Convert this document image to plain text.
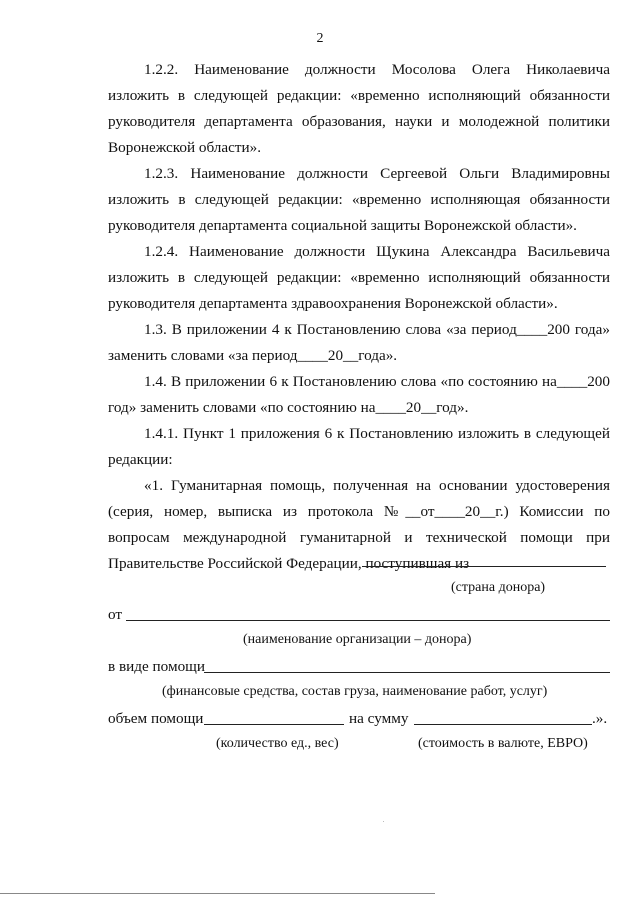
2

1.2.2. Наименование должности Мосолова Олега Николаевича изложить в следующей редакции: «временно исполняющий обязанности руководителя департамента образования, науки и молодежной политики Воронежской области».

1.2.3. Наименование должности Сергеевой Ольги Владимировны изложить в следующей редакции: «временно исполняющая обязанности руководителя департамента социальной защиты Воронежской области».

1.2.4. Наименование должности Щукина Александра Васильевича изложить в следующей редакции: «временно исполняющий обязанности руководителя департамента здравоохранения Воронежской области».

1.3. В приложении 4 к Постановлению слова «за период____200 года» заменить словами «за период____20__года».

1.4. В приложении 6 к Постановлению слова «по состоянию на____200 год» заменить словами «по состоянию на____20__год».

1.4.1. Пункт 1 приложения 6 к Постановлению изложить в следующей редакции:

«1. Гуманитарная помощь, полученная на основании удостоверения (серия, номер, выписка из протокола №__от____20__г.) Комиссии по вопросам международной гуманитарной и технической помощи при Правительстве Российской Федерации, поступившая из

(страна донора)
от
(наименование организации – донора)
в виде помощи
(финансовые средства, состав груза, наименование работ, услуг)
объем помощи	на сумму	.».
(количество ед., вес)	(стоимость в валюте, ЕВРО)
